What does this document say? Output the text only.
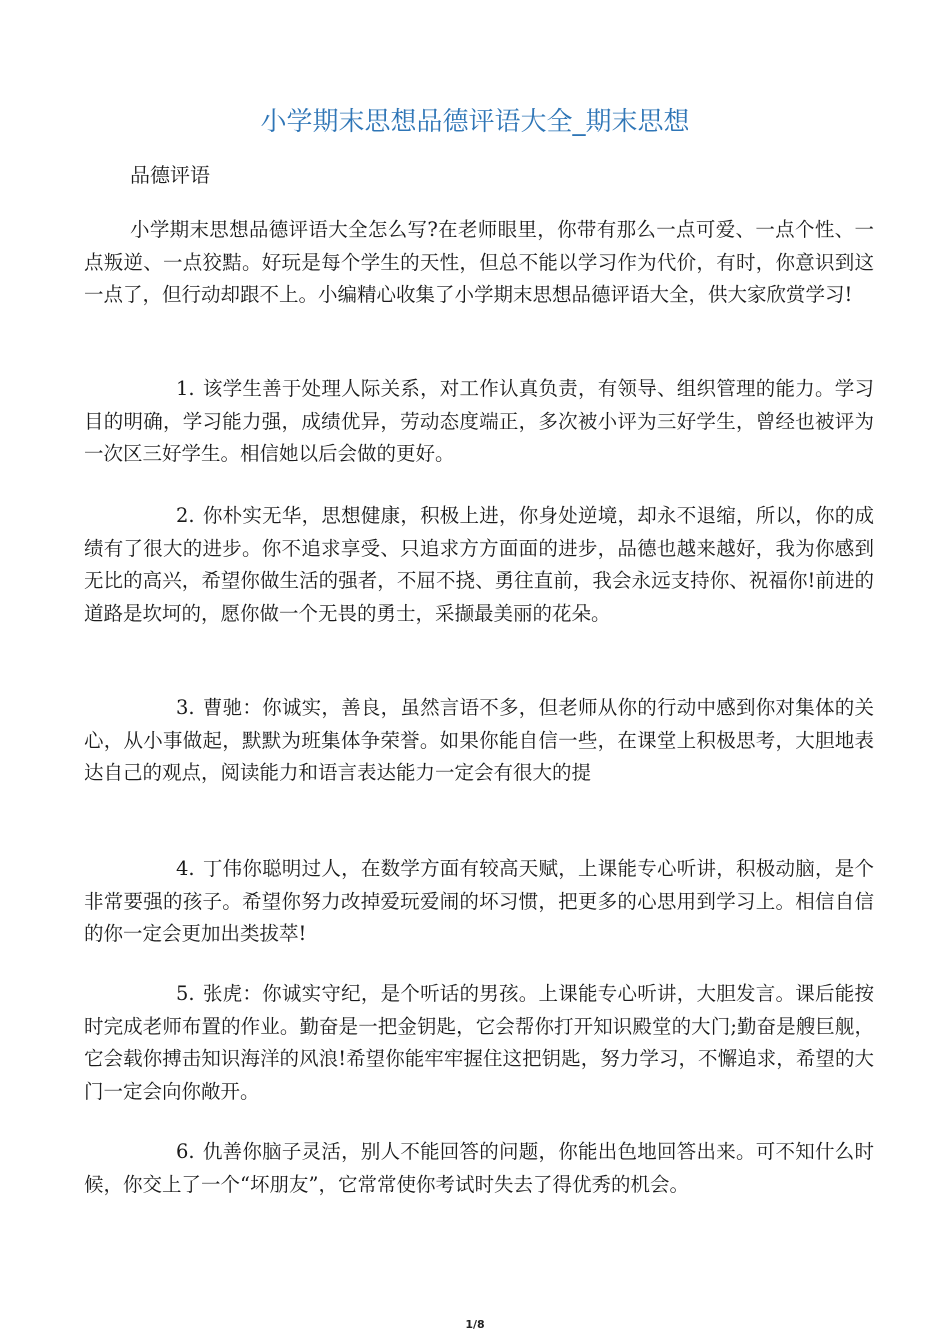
小学期末思想品德评语大全_期末思想

品德评语

小学期末思想品德评语大全怎么写?在老师眼里，你带有那么一点可爱、一点个性、一点叛逆、一点狡黠。好玩是每个学生的天性，但总不能以学习作为代价，有时，你意识到这一点了，但行动却跟不上。小编精心收集了小学期末思想品德评语大全，供大家欣赏学习!

1. 该学生善于处理人际关系，对工作认真负责，有领导、组织管理的能力。学习目的明确，学习能力强，成绩优异，劳动态度端正，多次被小评为三好学生，曾经也被评为一次区三好学生。相信她以后会做的更好。

2. 你朴实无华，思想健康，积极上进，你身处逆境，却永不退缩，所以，你的成绩有了很大的进步。你不追求享受、只追求方方面面的进步，品德也越来越好，我为你感到无比的高兴，希望你做生活的强者，不屈不挠、勇往直前，我会永远支持你、祝福你!前进的道路是坎坷的，愿你做一个无畏的勇士，采撷最美丽的花朵。

3. 曹驰：你诚实，善良，虽然言语不多，但老师从你的行动中感到你对集体的关心，从小事做起，默默为班集体争荣誉。如果你能自信一些，在课堂上积极思考，大胆地表达自己的观点，阅读能力和语言表达能力一定会有很大的提

4. 丁伟你聪明过人，在数学方面有较高天赋，上课能专心听讲，积极动脑，是个非常要强的孩子。希望你努力改掉爱玩爱闹的坏习惯，把更多的心思用到学习上。相信自信的你一定会更加出类拔萃!

5. 张虎：你诚实守纪，是个听话的男孩。上课能专心听讲，大胆发言。课后能按时完成老师布置的作业。勤奋是一把金钥匙，它会帮你打开知识殿堂的大门;勤奋是艘巨舰，它会载你搏击知识海洋的风浪!希望你能牢牢握住这把钥匙，努力学习，不懈追求，希望的大门一定会向你敞开。

6. 仇善你脑子灵活，别人不能回答的问题，你能出色地回答出来。可不知什么时候，你交上了一个“坏朋友”，它常常使你考试时失去了得优秀的机会。

1/8
